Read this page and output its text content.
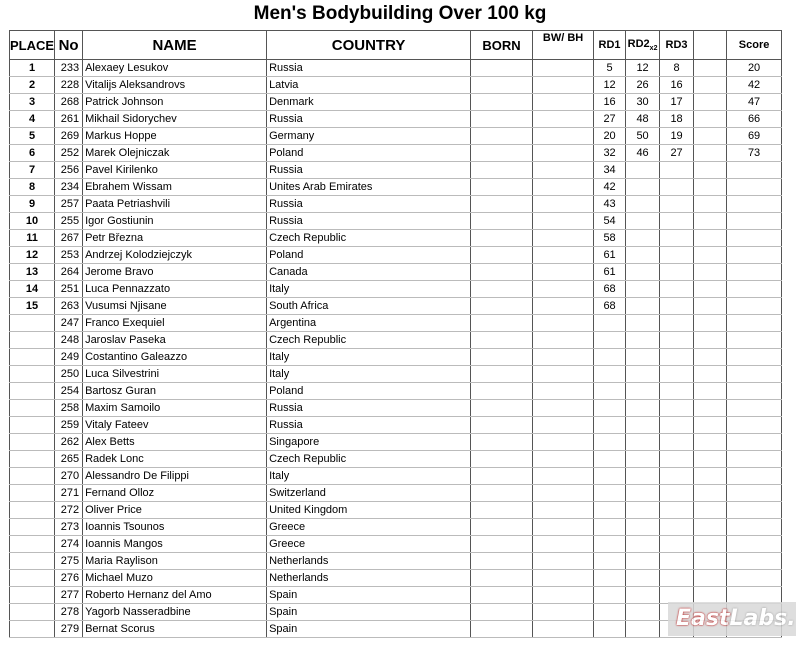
Men's Bodybuilding Over 100 kg
PLACE	No	NAME	COUNTRY	BORN	BW/ BH	RD1	$RD2_{x2}$	RD3		Score
1	233	Alexaey Lesukov	Russia			5	12	8		20
2	228	Vitalijs Aleksandrovs	Latvia			12	26	16		42
3	268	Patrick Johnson	Denmark			16	30	17		47
4	261	Mikhail Sidorychev	Russia			27	48	18		66
5	269	Markus Hoppe	Germany			20	50	19		69
6	252	Marek Olejniczak	Poland			32	46	27		73
7	256	Pavel Kirilenko	Russia			34				
8	234	Ebrahem Wissam	Unites Arab Emirates			42				
9	257	Paata Petriashvili	Russia			43				
10	255	Igor Gostiunin	Russia			54				
11	267	Petr Března	Czech Republic			58				
12	253	Andrzej Kolodziejczyk	Poland			61				
13	264	Jerome Bravo	Canada			61				
14	251	Luca Pennazzato	Italy			68				
15	263	Vusumsi Njisane	South Africa			68				
	247	Franco Exequiel	Argentina							
	248	Jaroslav Paseka	Czech Republic							
	249	Costantino Galeazzo	Italy							
	250	Luca Silvestrini	Italy							
	254	Bartosz Guran	Poland							
	258	Maxim Samoilo	Russia							
	259	Vitaly Fateev	Russia							
	262	Alex Betts	Singapore							
	265	Radek Lonc	Czech Republic							
	270	Alessandro De Filippi	Italy							
	271	Fernand Olloz	Switzerland							
	272	Oliver Price	United Kingdom							
	273	Ioannis Tsounos	Greece							
	274	Ioannis Mangos	Greece							
	275	Maria Raylison	Netherlands							
	276	Michael Muzo	Netherlands							
	277	Roberto Hernanz del Amo	Spain							
	278	Yagorb Nasseradbine	Spain							
	279	Bernat Scorus	Spain								EastLabs.
